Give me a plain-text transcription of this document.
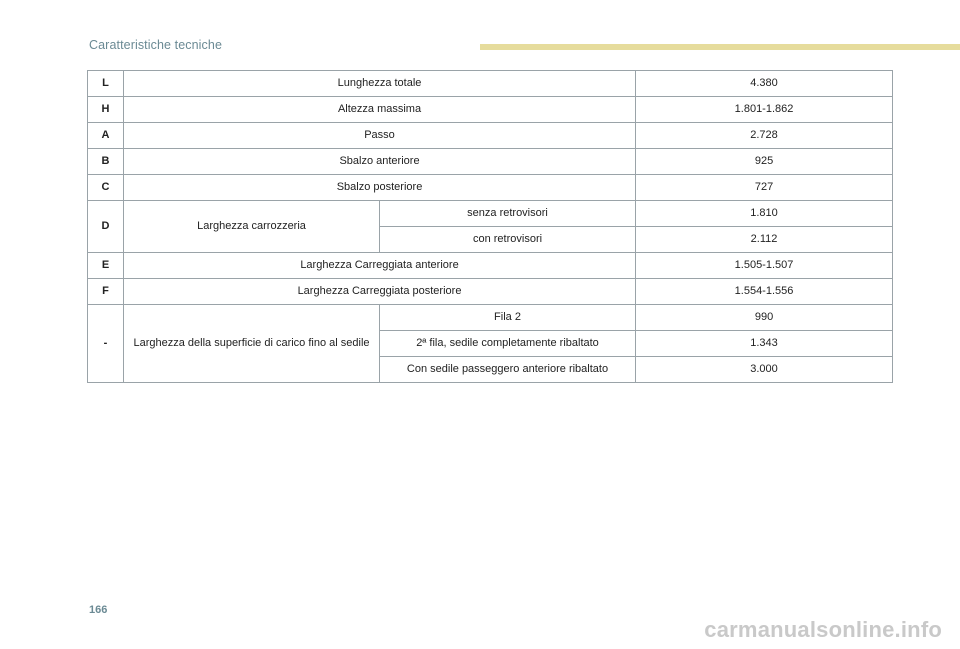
Caratteristiche tecniche
L	Lunghezza totale		4.380
H	Altezza massima		1.801-1.862
A	Passo		2.728
B	Sbalzo anteriore		925
C	Sbalzo posteriore		727
D	Larghezza carrozzeria	senza retrovisori	1.810
		con retrovisori	2.112
E	Larghezza Carreggiata anteriore		1.505-1.507
F	Larghezza Carreggiata posteriore		1.554-1.556
-	Larghezza della superficie di carico fino al sedile	Fila 2	990
		2ª fila, sedile completamente ribaltato	1.343
		Con sedile passeggero anteriore ribaltato	3.000
166
carmanualsonline.info
